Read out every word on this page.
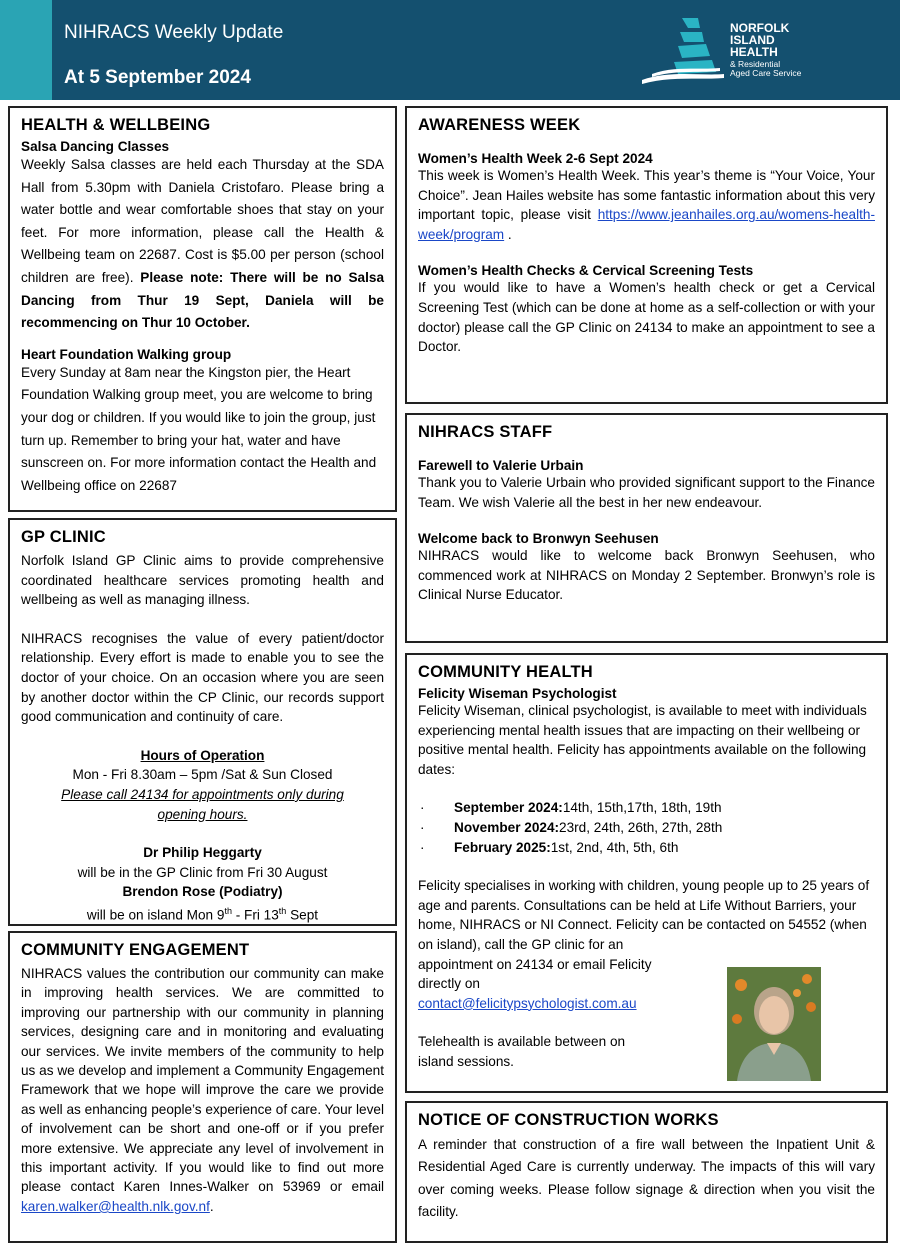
NIHRACS Weekly Update
At 5 September 2024
NORFOLK
ISLAND
HEALTH
& Residential
Aged Care Service
HEALTH & WELLBEING
Salsa Dancing Classes

Weekly Salsa classes are held each Thursday at the SDA Hall from 5.30pm with Daniela Cristofaro. Please bring a water bottle and wear comfortable shoes that stay on your feet. For more information, please call the Health & Wellbeing team on 22687. Cost is $5.00 per person (school children are free). Please note: There will be no Salsa Dancing from Thur 19 Sept, Daniela will be recommencing on Thur 10 October.

Heart Foundation Walking group

Every Sunday at 8am near the Kingston pier, the Heart Foundation Walking group meet, you are welcome to bring your dog or children. If you would like to join the group, just turn up. Remember to bring your hat, water and have sunscreen on. For more information contact the Health and Wellbeing office on 22687

GP CLINIC

Norfolk Island GP Clinic aims to provide comprehensive coordinated healthcare services promoting health and wellbeing as well as managing illness.

NIHRACS recognises the value of every patient/doctor relationship. Every effort is made to enable you to see the doctor of your choice. On an occasion where you are seen by another doctor within the CP Clinic, our records support good communication and continuity of care.

Hours of Operation

Mon - Fri 8.30am – 5pm /Sat & Sun Closed

Please call 24134 for appointments only during opening hours.

Dr Philip Heggarty

will be in the GP Clinic from Fri 30 August

Brendon Rose (Podiatry)

will be on island Mon 9th - Fri 13th Sept

COMMUNITY ENGAGEMENT

NIHRACS values the contribution our community can make in improving health services. We are committed to improving our partnership with our community in planning services, designing care and in monitoring and evaluating our services. We invite members of the community to help us as we develop and implement a Community Engagement Framework that we hope will improve the care we provide as well as enhancing people’s experience of care. Your level of involvement can be short and one-off or if you prefer more extensive. We appreciate any level of involvement in this important activity. If you would like to find out more please contact Karen Innes-Walker on 53969 or email karen.walker@health.nlk.gov.nf.

AWARENESS WEEK
Women’s Health Week 2-6 Sept 2024

This week is Women’s Health Week. This year’s theme is “Your Voice, Your Choice”. Jean Hailes website has some fantastic information about this very important topic, please visit https://www.jeanhailes.org.au/womens-health-week/program .

Women’s Health Checks & Cervical Screening Tests

If you would like to have a Women’s health check or get a Cervical Screening Test (which can be done at home as a self-collection or with your doctor) please call the GP Clinic on 24134 to make an appointment to see a Doctor.

NIHRACS STAFF
Farewell to Valerie Urbain

Thank you to Valerie Urbain who provided significant support to the Finance Team. We wish Valerie all the best in her new endeavour.

Welcome back to Bronwyn Seehusen

NIHRACS would like to welcome back Bronwyn Seehusen, who commenced work at NIHRACS on Monday 2 September. Bronwyn’s role is Clinical Nurse Educator.

COMMUNITY HEALTH
Felicity Wiseman Psychologist

Felicity Wiseman, clinical psychologist, is available to meet with individuals experiencing mental health issues that are impacting on their wellbeing or positive mental health. Felicity has appointments available on the following dates:

·	September 2024: 14th, 15th,17th, 18th, 19th
·	November 2024: 23rd, 24th, 26th, 27th, 28th
·	February 2025: 1st, 2nd, 4th, 5th, 6th

Felicity specialises in working with children, young people up to 25 years of age and parents. Consultations can be held at Life Without Barriers, your home, NIHRACS or NI Connect. Felicity can be contacted on 54552 (when on island), call the GP clinic for an

appointment on 24134 or email Felicity

directly on

contact@felicitypsychologist.com.au

Telehealth is available between on

island sessions.

NOTICE OF CONSTRUCTION WORKS

A reminder that construction of a fire wall between the Inpatient Unit & Residential Aged Care is currently underway. The impacts of this will vary over coming weeks. Please follow signage & direction when you visit the facility.
